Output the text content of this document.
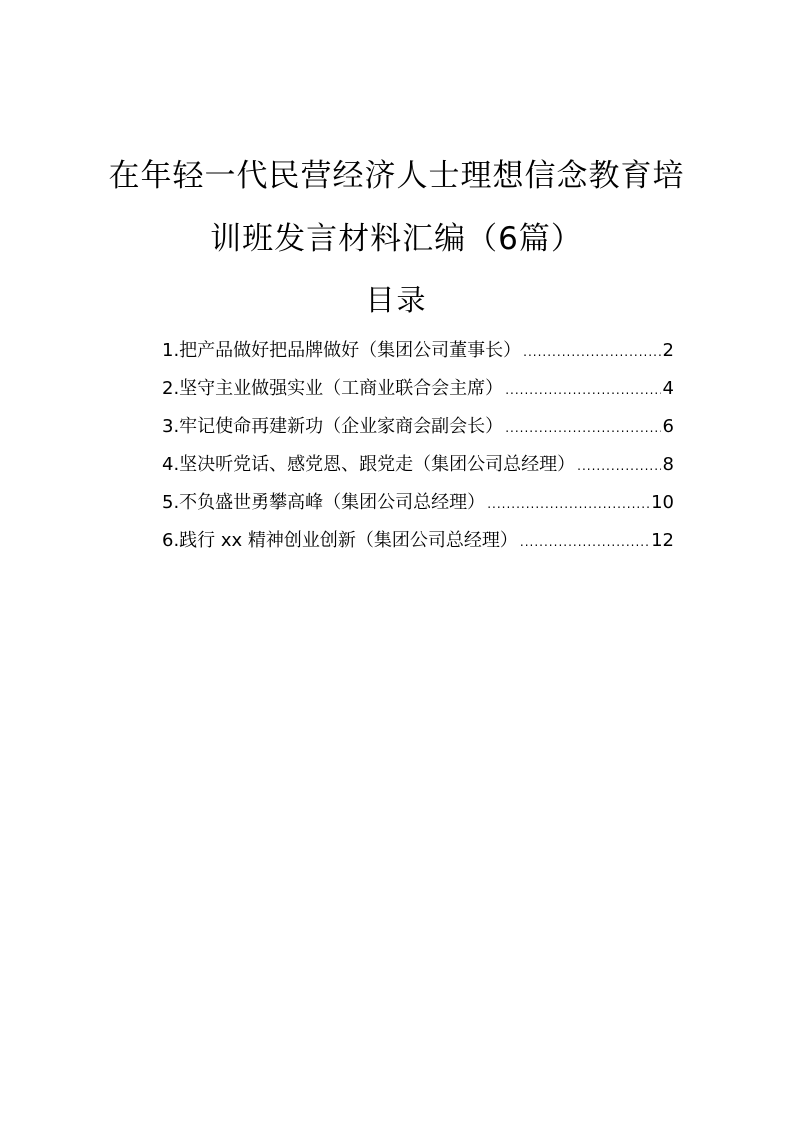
在年轻一代民营经济人士理想信念教育培
训班发言材料汇编（6篇）
目录
1.把产品做好把品牌做好（集团公司董事长） .....	2
2.坚守主业做强实业（工商业联合会主席） .....	4
3.牢记使命再建新功（企业家商会副会长） .....	6
4.坚决听党话、感党恩、跟党走（集团公司总经理） .....	8
5.不负盛世勇攀高峰（集团公司总经理） .....	10
6.践行 xx 精神创业创新（集团公司总经理） .....	12
